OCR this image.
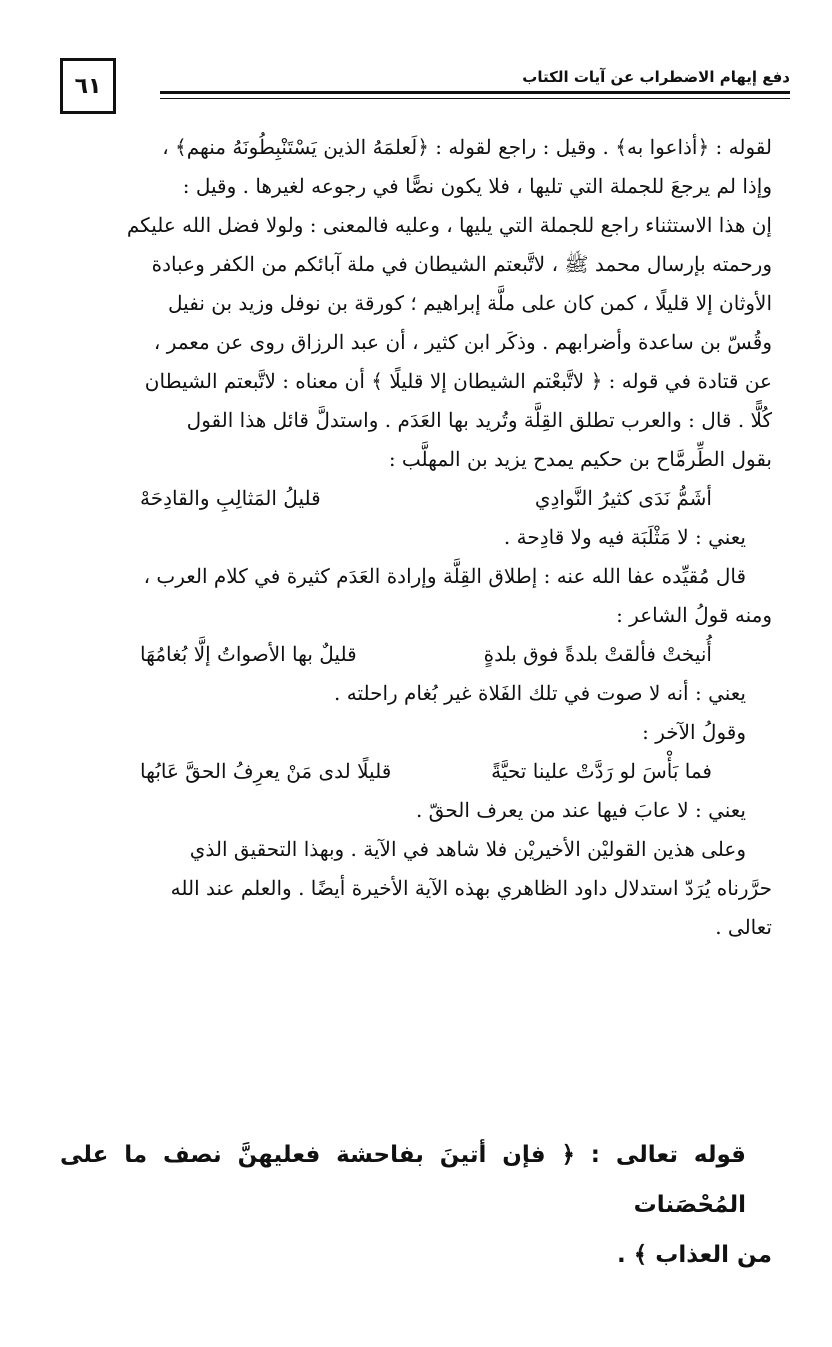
٦١	دفع إيهام الاضطراب عن آيات الكتاب

لقوله : ﴿أذاعوا به﴾ . وقيل : راجع لقوله : ﴿لَعلمَهُ الذين يَسْتَنْبِطُونَهُ منهم﴾ ،

وإذا لم يرجعَ للجملة التي تليها ، فلا يكون نصًّا في رجوعه لغيرها . وقيل :

إن هذا الاستثناء راجع للجملة التي يليها ، وعليه فالمعنى : ولولا فضل الله عليكم

ورحمته بإرسال محمد ﷺ ، لاتَّبعتم الشيطان في ملة آبائكم من الكفر وعبادة

الأوثان إلا قليلًا ، كمن كان على ملَّة إبراهيم ؛ كورقة بن نوفل وزيد بن نفيل

وقُسّ بن ساعدة وأضرابهم . وذكَر ابن كثير ، أن عبد الرزاق روى عن معمر ،

عن قتادة في قوله : ﴿ لاتَّبعْتم الشيطان إلا قليلًا ﴾ أن معناه : لاتَّبعتم الشيطان

كُلًّا . قال : والعرب تطلق القِلَّة وتُريد بها العَدَم . واستدلَّ قائل هذا القول

بقول الطِّرمَّاح بن حكيم يمدح يزيد بن المهلَّب :

أشَمُّ نَدَى كثيرُ النَّوادِي
قليلُ المَثالِبِ والقادِحَهْ

يعني : لا مَثْلَبَة فيه ولا قادِحة .

قال مُقيِّده عفا الله عنه : إطلاق القِلَّة وإرادة العَدَم كثيرة في كلام العرب ،

ومنه قولُ الشاعر :

أُنيختْ فألقتْ بلدةً فوق بلدةٍ
قليلٌ بها الأصواتُ إلَّا بُغامُهَا

يعني : أنه لا صوت في تلك الفَلاة غير بُغام راحلته .

وقولُ الآخر :

فما بَأْسَ لو رَدَّتْ علينا تحيَّةً
قليلًا لدى مَنْ يعرِفُ الحقَّ عَابُها

يعني : لا عابَ فيها عند من يعرف الحقّ .

وعلى هذين القوليْن الأخيريْن فلا شاهد في الآية . وبهذا التحقيق الذي

حرَّرناه يُرَدّ استدلال داود الظاهري بهذه الآية الأخيرة أيضًا . والعلم عند الله

تعالى .

قوله تعالى : ﴿ فإن أتينَ بفاحشة فعليهنَّ نصف ما على المُحْصَنات

من العذاب ﴾ .
